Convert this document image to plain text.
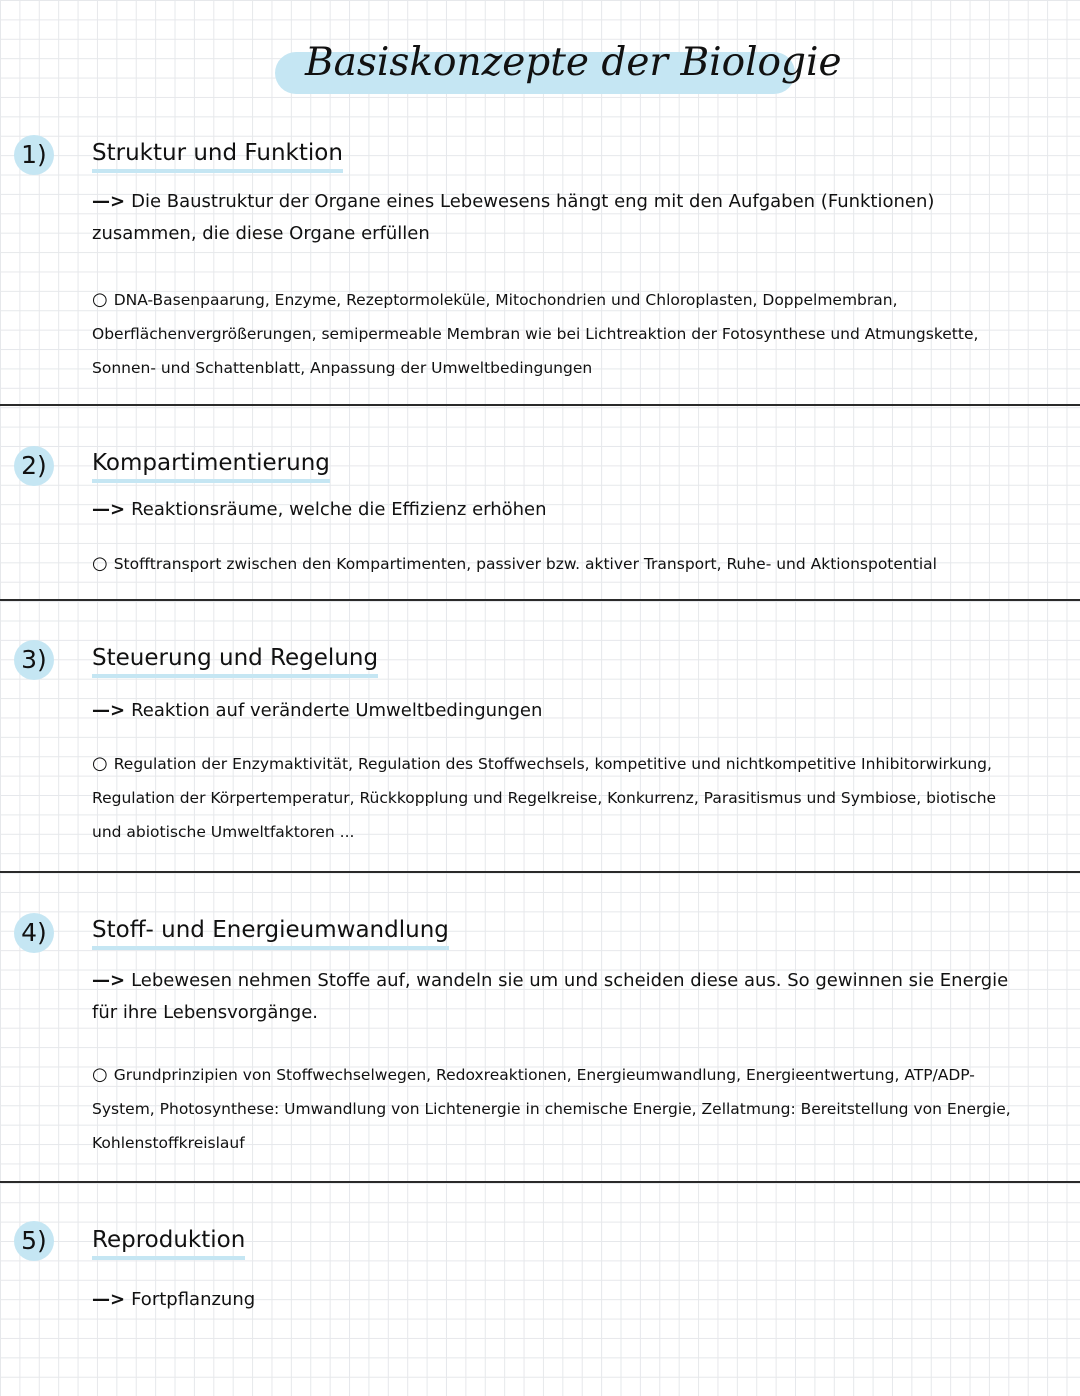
Basiskonzepte der Biologie
1)	Struktur und Funktion
—> Die Baustruktur der Organe eines Lebewesens hängt eng mit den Aufgaben (Funktionen) zusammen, die diese Organe erfüllen
○ DNA-Basenpaarung, Enzyme, Rezeptormoleküle, Mitochondrien und Chloroplasten, Doppelmembran, Oberflächenvergrößerungen, semipermeable Membran wie bei Lichtreaktion der Fotosynthese und Atmungskette, Sonnen- und Schattenblatt, Anpassung der Umweltbedingungen
2)	Kompartimentierung
—> Reaktionsräume, welche die Effizienz erhöhen
○ Stofftransport zwischen den Kompartimenten, passiver bzw. aktiver Transport, Ruhe- und Aktionspotential
3)	Steuerung und Regelung
—> Reaktion auf veränderte Umweltbedingungen
○ Regulation der Enzymaktivität, Regulation des Stoffwechsels, kompetitive und nichtkompetitive Inhibitorwirkung, Regulation der Körpertemperatur, Rückkopplung und Regelkreise, Konkurrenz, Parasitismus und Symbiose, biotische und abiotische Umweltfaktoren ...
4)	Stoff- und Energieumwandlung
—> Lebewesen nehmen Stoffe auf, wandeln sie um und scheiden diese aus. So gewinnen sie Energie für ihre Lebensvorgänge.
○ Grundprinzipien von Stoffwechselwegen, Redoxreaktionen, Energieumwandlung, Energieentwertung, ATP/ADP-System, Photosynthese: Umwandlung von Lichtenergie in chemische Energie, Zellatmung: Bereitstellung von Energie, Kohlenstoffkreislauf
5)	Reproduktion
—> Fortpflanzung
